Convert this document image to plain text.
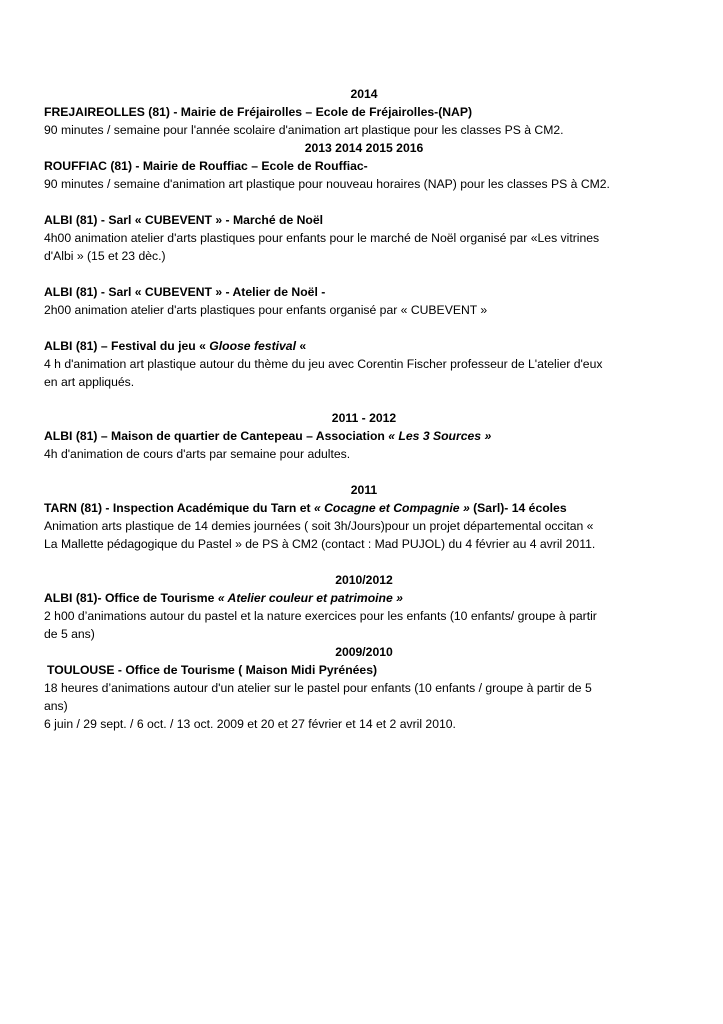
2014

FREJAIREOLLES (81) - Mairie de Fréjairolles – Ecole de Fréjairolles-(NAP)

90 minutes / semaine pour l'année scolaire d'animation art plastique pour les classes PS à CM2.

2013 2014 2015 2016

ROUFFIAC (81) - Mairie de Rouffiac – Ecole de Rouffiac-

90 minutes / semaine d'animation art plastique pour nouveau horaires (NAP) pour les classes PS à CM2.

ALBI (81) - Sarl « CUBEVENT » - Marché de Noël

4h00 animation atelier d'arts plastiques pour enfants pour le marché de Noël organisé par «Les vitrines

d'Albi » (15 et 23 dèc.)

ALBI (81) - Sarl « CUBEVENT » - Atelier de Noël -

2h00 animation atelier d'arts plastiques pour enfants organisé par « CUBEVENT »

ALBI (81) – Festival du jeu « Gloose festival «

4 h d'animation art plastique autour du thème du jeu avec Corentin Fischer professeur de L'atelier d'eux

en art appliqués.

2011 - 2012

ALBI (81) – Maison de quartier de Cantepeau – Association « Les 3 Sources »

4h d'animation de cours d'arts par semaine pour adultes.

2011

TARN (81) - Inspection Académique du Tarn et « Cocagne et Compagnie » (Sarl)- 14 écoles

Animation arts plastique de 14 demies journées ( soit 3h/Jours)pour un projet départemental occitan «

La Mallette pédagogique du Pastel » de PS à CM2 (contact : Mad PUJOL) du 4 février au 4 avril 2011.

2010/2012

ALBI (81)- Office de Tourisme « Atelier couleur et patrimoine »

2 h00 d’animations autour du pastel et la nature exercices pour les enfants (10 enfants/ groupe à partir

de 5 ans)

2009/2010

TOULOUSE - Office de Tourisme ( Maison Midi Pyrénées)

18 heures d’animations autour d'un atelier sur le pastel pour enfants (10 enfants / groupe à partir de 5

ans)

6 juin / 29 sept. / 6 oct. / 13 oct. 2009 et 20 et 27 février et 14 et 2 avril 2010.
